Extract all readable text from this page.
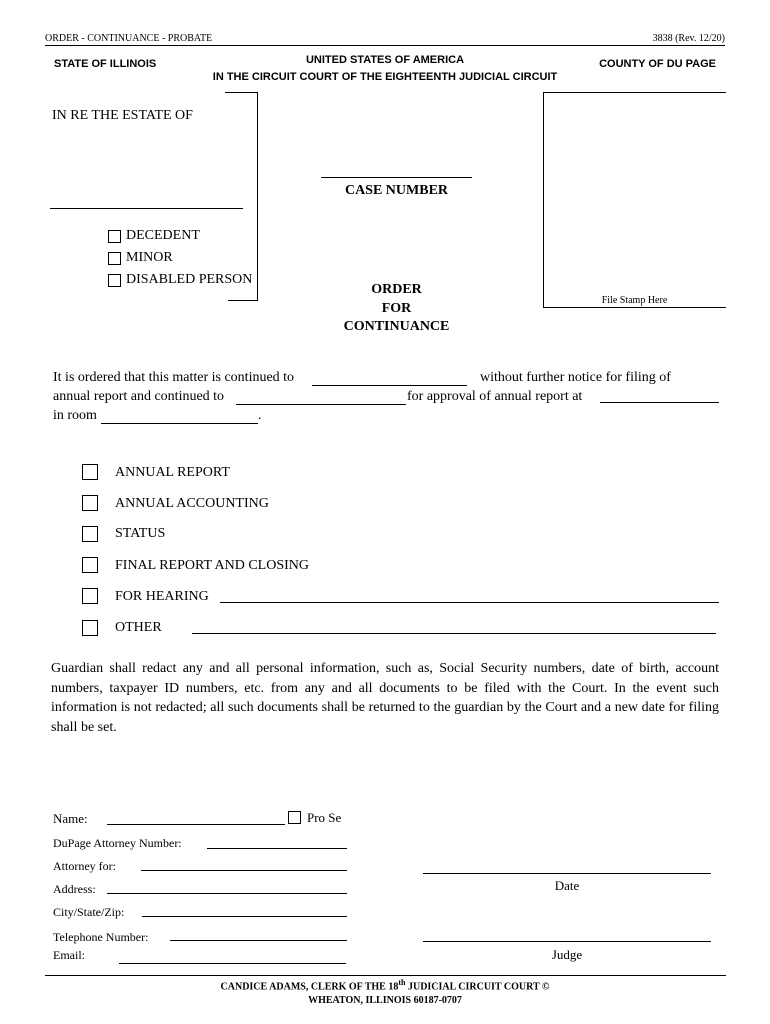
ORDER - CONTINUANCE - PROBATE	3838 (Rev. 12/20)
STATE OF ILLINOIS	UNITED STATES OF AMERICA
IN THE CIRCUIT COURT OF THE EIGHTEENTH JUDICIAL CIRCUIT
COUNTY OF DU PAGE
IN RE THE ESTATE OF
DECEDENT
MINOR
DISABLED PERSON
CASE NUMBER
File Stamp Here
ORDER
FOR
CONTINUANCE
It is ordered that this matter is continued to	without further notice for filing of
annual report and continued to	for approval of annual report at
in room	.
ANNUAL REPORT
ANNUAL ACCOUNTING
STATUS
FINAL REPORT AND CLOSING
FOR HEARING
OTHER
Guardian shall redact any and all personal information, such as, Social Security numbers, date of birth, account numbers, taxpayer ID numbers, etc. from any and all documents to be filed with the Court. In the event such information is not redacted; all such documents shall be returned to the guardian by the Court and a new date for filing shall be set.
Name:	Pro Se
DuPage Attorney Number:
Attorney for:
Address:
City/State/Zip:
Telephone Number:
Email:
Date
Judge
CANDICE ADAMS, CLERK OF THE 18th JUDICIAL CIRCUIT COURT ©
WHEATON, ILLINOIS 60187-0707
